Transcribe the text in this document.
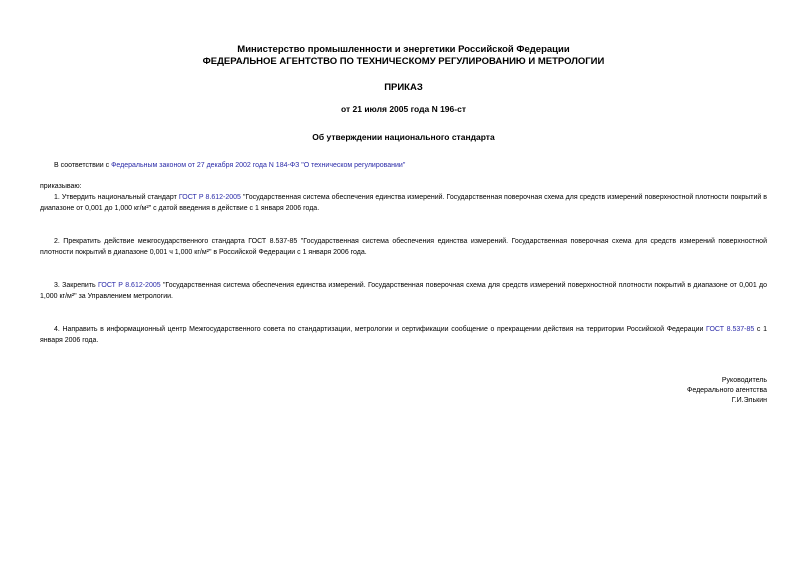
Министерство промышленности и энергетики Российской Федерации
ФЕДЕРАЛЬНОЕ АГЕНТСТВО ПО ТЕХНИЧЕСКОМУ РЕГУЛИРОВАНИЮ И МЕТРОЛОГИИ
ПРИКАЗ
от 21 июля 2005 года N 196-ст
Об утверждении национального стандарта
В соответствии с Федеральным законом от 27 декабря 2002 года N 184-ФЗ "О техническом регулировании"
приказываю:
1. Утвердить национальный стандарт ГОСТ Р 8.612-2005 "Государственная система обеспечения единства измерений. Государственная поверочная схема для средств измерений поверхностной плотности покрытий в диапазоне от 0,001 до 1,000 кг/м²" с датой введения в действие с 1 января 2006 года.
2. Прекратить действие межгосударственного стандарта ГОСТ 8.537-85 "Государственная система обеспечения единства измерений. Государственная поверочная схема для средств измерений поверхностной плотности покрытий в диапазоне 0,001 ч 1,000 кг/м²" в Российской Федерации с 1 января 2006 года.
3. Закрепить ГОСТ Р 8.612-2005 "Государственная система обеспечения единства измерений. Государственная поверочная схема для средств измерений поверхностной плотности покрытий в диапазоне от 0,001 до 1,000 кг/м²" за Управлением метрологии.
4. Направить в информационный центр Межгосударственного совета по стандартизации, метрологии и сертификации сообщение о прекращении действия на территории Российской Федерации ГОСТ 8.537-85 с 1 января 2006 года.
Руководитель
Федерального агентства
Г.И.Элькин
